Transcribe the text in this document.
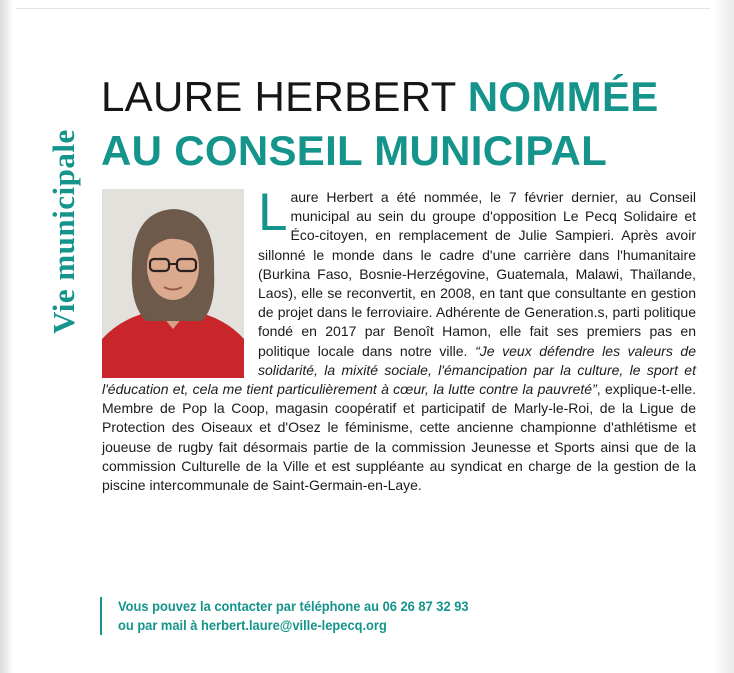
Vie municipale
LAURE HERBERT NOMMÉE AU CONSEIL MUNICIPAL
Laure Herbert a été nommée, le 7 février dernier, au Conseil municipal au sein du groupe d'opposition Le Pecq Solidaire et Éco-citoyen, en remplacement de Julie Sampieri. Après avoir sillonné le monde dans le cadre d'une carrière dans l'humanitaire (Burkina Faso, Bosnie-Herzégovine, Guatemala, Malawi, Thaïlande, Laos), elle se reconvertit, en 2008, en tant que consultante en gestion de projet dans le ferroviaire. Adhérente de Generation.s, parti politique fondé en 2017 par Benoît Hamon, elle fait ses premiers pas en politique locale dans notre ville. “Je veux défendre les valeurs de solidarité, la mixité sociale, l'émancipation par la culture, le sport et l'éducation et, cela me tient particulièrement à cœur, la lutte contre la pauvreté”, explique-t-elle. Membre de Pop la Coop, magasin coopératif et participatif de Marly-le-Roi, de la Ligue de Protection des Oiseaux et d'Osez le féminisme, cette ancienne championne d'athlétisme et joueuse de rugby fait désormais partie de la commission Jeunesse et Sports ainsi que de la commission Culturelle de la Ville et est suppléante au syndicat en charge de la gestion de la piscine intercommunale de Saint-Germain-en-Laye.
Vous pouvez la contacter par téléphone au 06 26 87 32 93
ou par mail à herbert.laure@ville-lepecq.org
